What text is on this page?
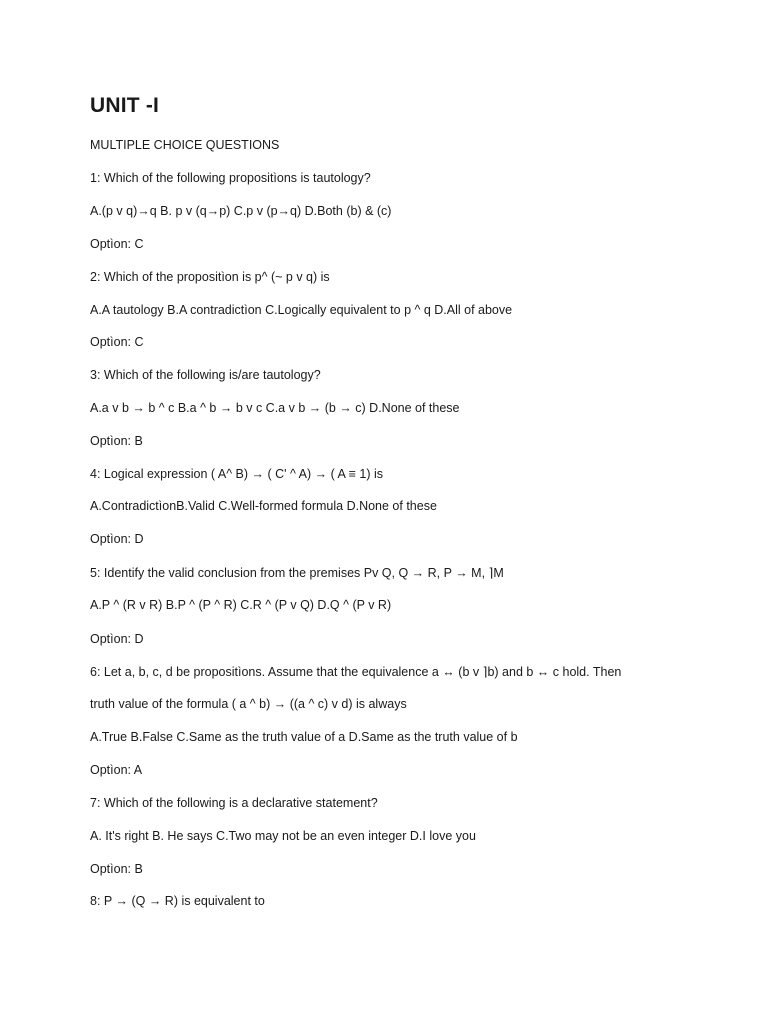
UNIT -I
MULTIPLE CHOICE QUESTIONS
1: Which of the following propositìons is tautology?
A.(p v q)→q B. p v (q→p) C.p v (p→q) D.Both (b) & (c)
Optìon: C
2: Which of the propositìon is p^ (~ p v q) is
A.A tautology B.A contradictìon C.Logically equivalent to p ^ q D.All of above
Optìon: C
3: Which of the following is/are tautology?
A.a v b → b ^ c B.a ^ b → b v c C.a v b → (b → c) D.None of these
Optìon: B
4: Logical expression ( A^ B) → ( C' ^ A) → ( A ≡ 1) is
A.ContradictìonB.Valid C.Well-formed formula D.None of these
Optìon: D
5: Identify the valid conclusion from the premises Pv Q, Q → R, P → M, ⌉M
A.P ^ (R v R) B.P ^ (P ^ R) C.R ^ (P v Q) D.Q ^ (P v R)
Optìon: D
6: Let a, b, c, d be propositìons. Assume that the equivalence a ↔ (b v ⌉b) and b ↔ c hold. Then
truth value of the formula ( a ^ b) → ((a ^ c) v d) is always
A.True B.False C.Same as the truth value of a D.Same as the truth value of b
Optìon: A
7: Which of the following is a declarative statement?
A. It's right B. He says C.Two may not be an even integer D.I love you
Optìon: B
8: P → (Q → R) is equivalent to
